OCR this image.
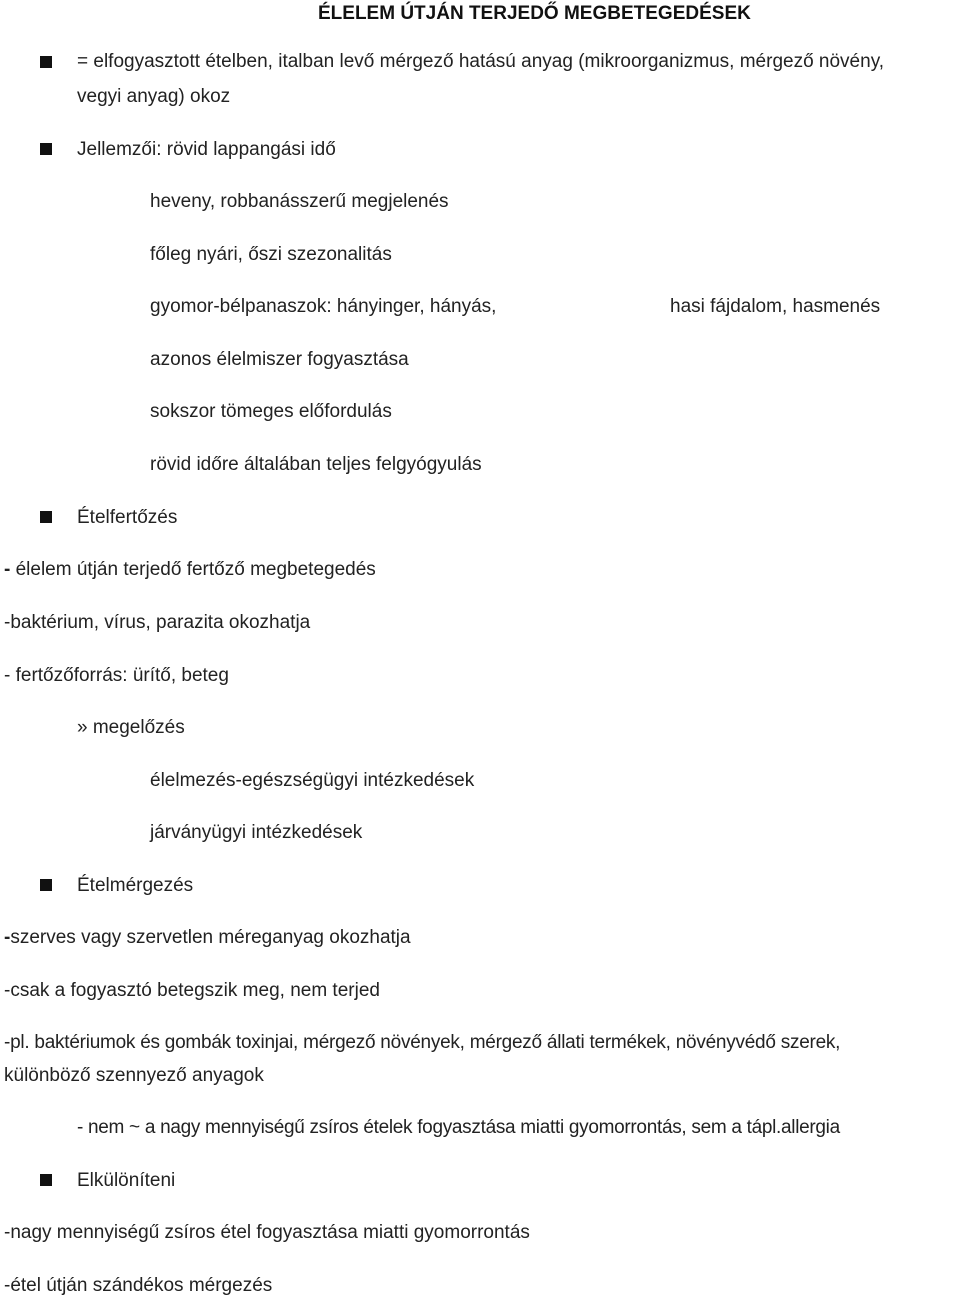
ÉLELEM ÚTJÁN TERJEDŐ MEGBETEGEDÉSEK
= elfogyasztott ételben, italban levő mérgező hatású anyag (mikroorganizmus, mérgező növény,
vegyi anyag) okoz
Jellemzői: rövid lappangási idő
heveny, robbanásszerű megjelenés
főleg nyári, őszi szezonalitás
gyomor-bélpanaszok: hányinger, hányás,	hasi fájdalom, hasmenés
azonos élelmiszer fogyasztása
sokszor tömeges előfordulás
rövid időre általában teljes felgyógyulás
Ételfertőzés
- élelem útján terjedő fertőző megbetegedés
-baktérium, vírus, parazita okozhatja
- fertőzőforrás: ürítő, beteg
» megelőzés
élelmezés-egészségügyi intézkedések
járványügyi intézkedések
Ételmérgezés
-szerves vagy szervetlen méreganyag okozhatja
-csak a fogyasztó betegszik meg, nem terjed
-pl. baktériumok és gombák toxinjai, mérgező növények, mérgező állati termékek, növényvédő szerek,
különböző szennyező anyagok
- nem ~ a nagy mennyiségű zsíros ételek fogyasztása miatti gyomorrontás, sem a tápl.allergia
Elkülöníteni
-nagy mennyiségű zsíros étel fogyasztása miatti gyomorrontás
-étel útján szándékos mérgezés
